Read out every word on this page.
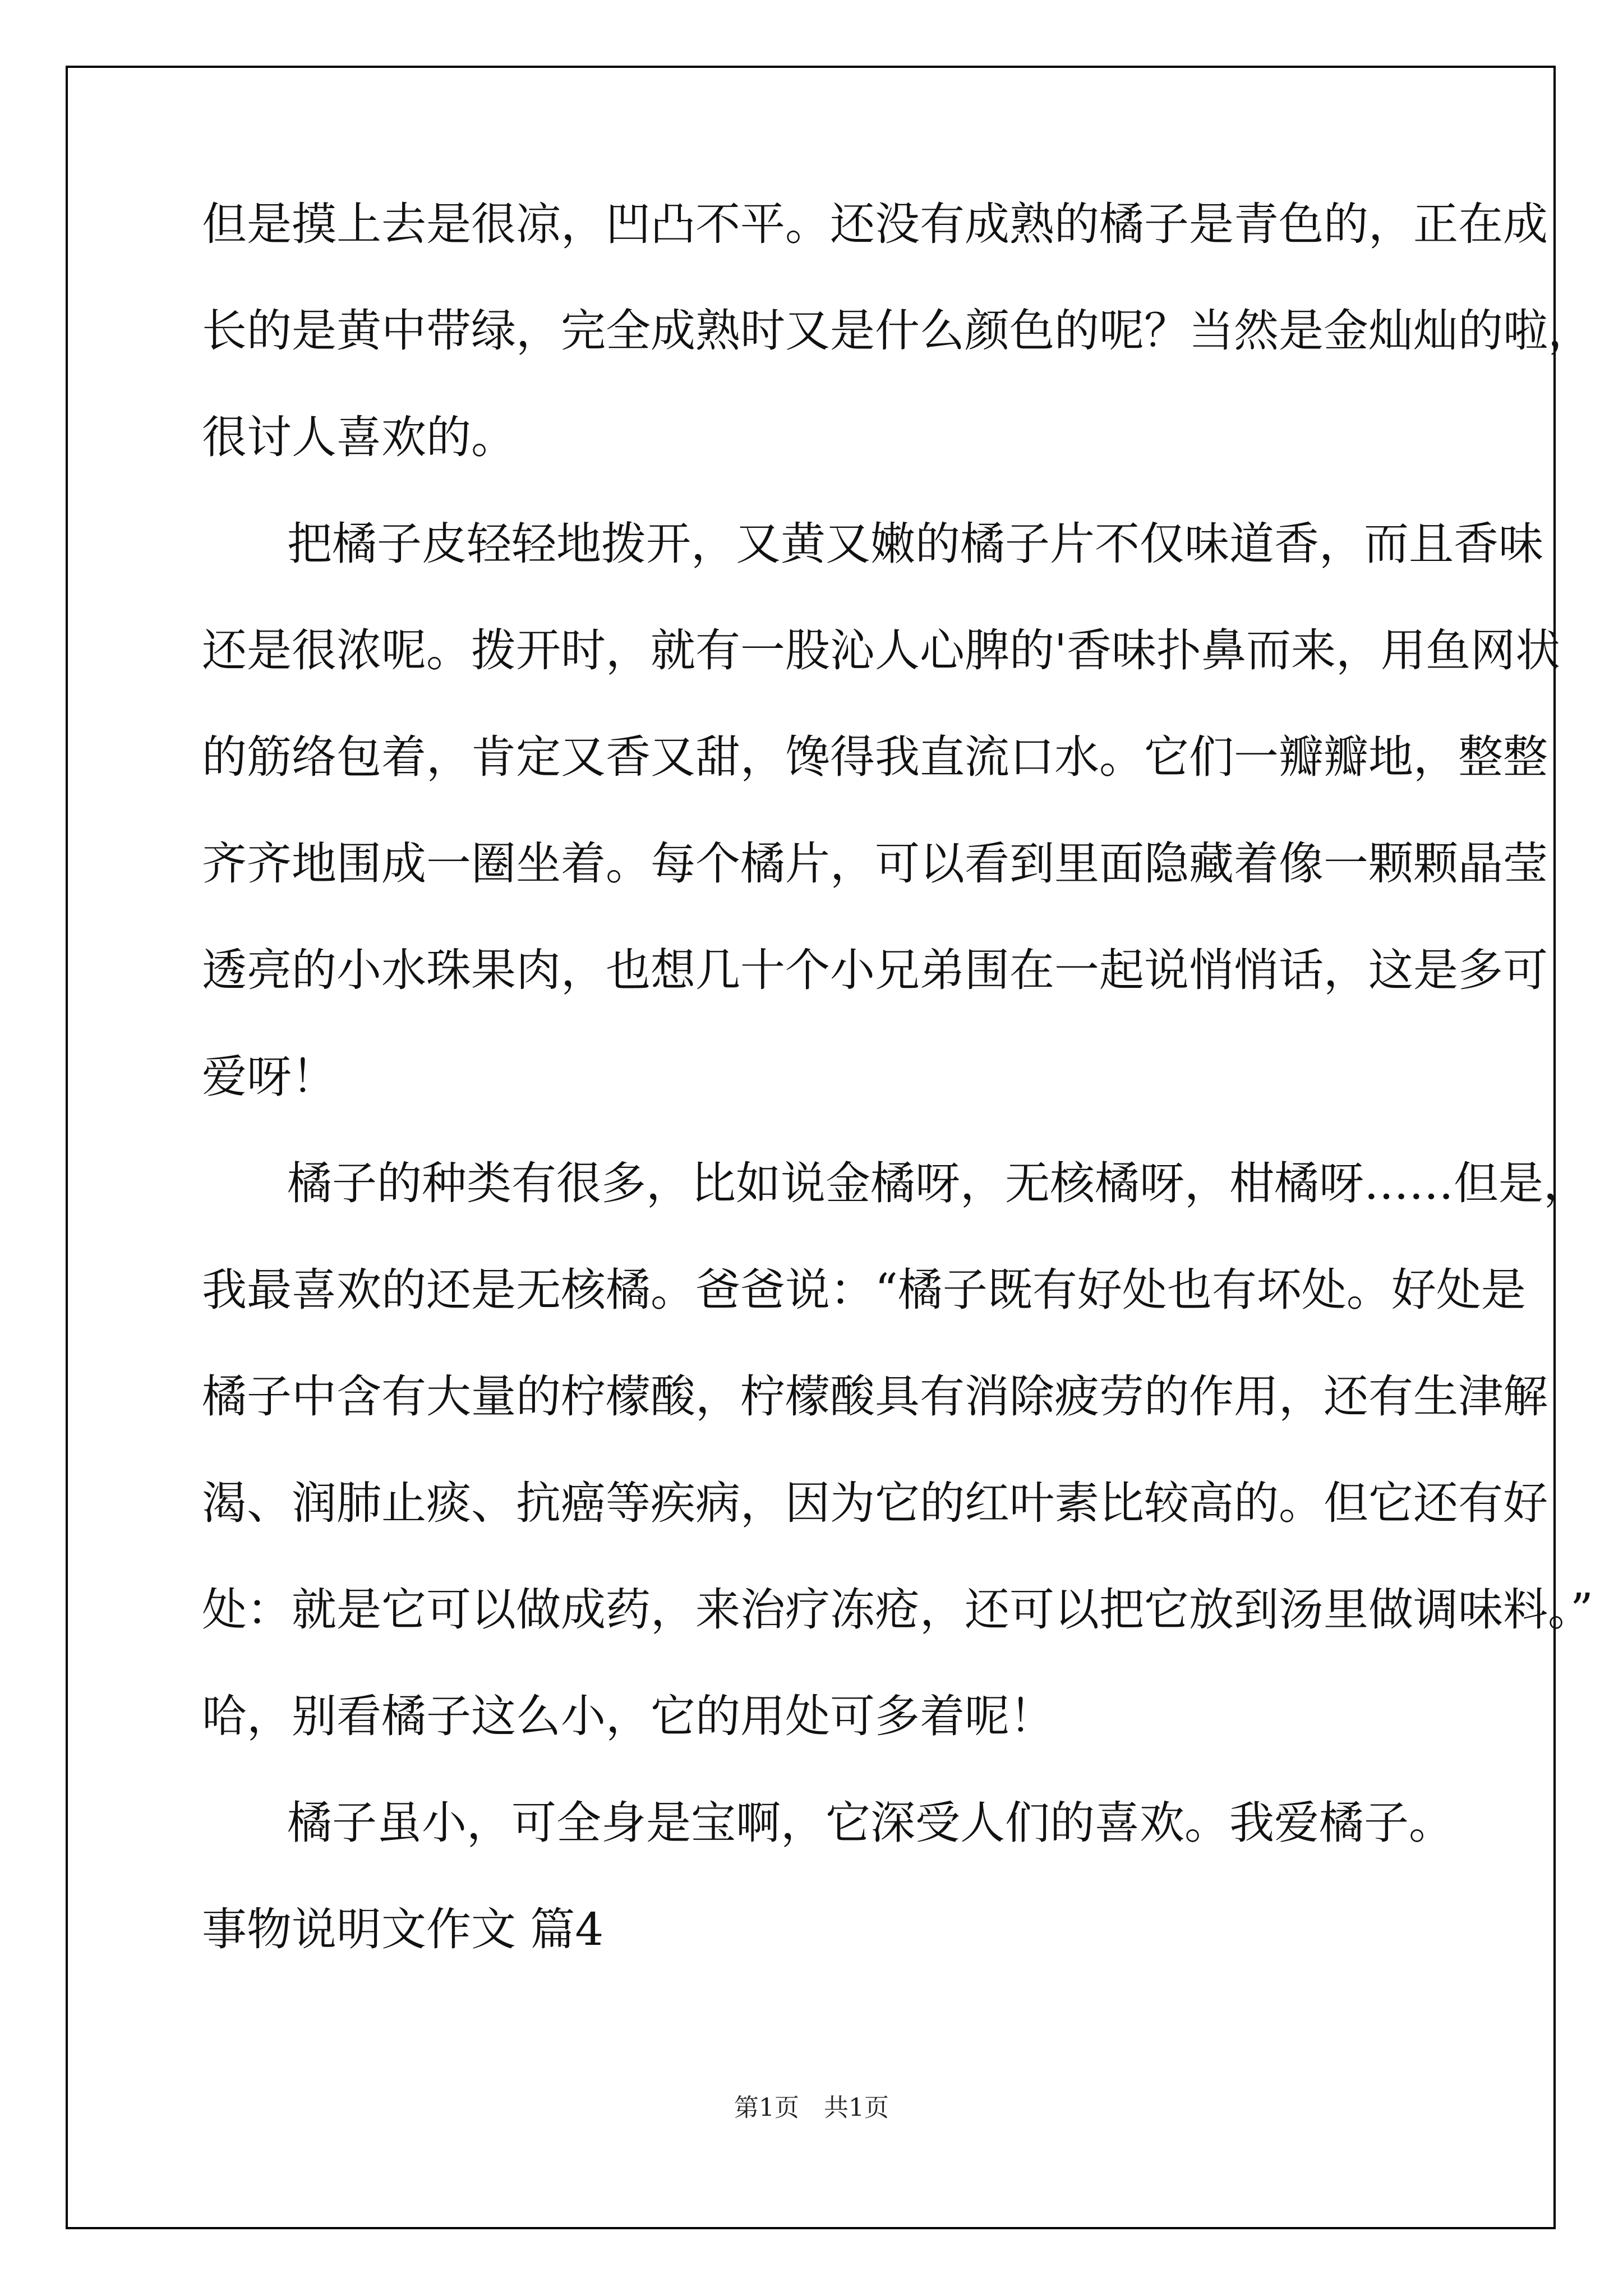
但是摸上去是很凉，凹凸不平。还没有成熟的橘子是青色的，正在成
长的是黄中带绿，完全成熟时又是什么颜色的呢？当然是金灿灿的啦，
很讨人喜欢的。
把橘子皮轻轻地拨开，又黄又嫩的橘子片不仅味道香，而且香味
还是很浓呢。拨开时，就有一股沁人心脾的'香味扑鼻而来，用鱼网状
的筋络包着，肯定又香又甜，馋得我直流口水。它们一瓣瓣地，整整
齐齐地围成一圈坐着。每个橘片，可以看到里面隐藏着像一颗颗晶莹
透亮的小水珠果肉，也想几十个小兄弟围在一起说悄悄话，这是多可
爱呀！
橘子的种类有很多，比如说金橘呀，无核橘呀，柑橘呀……但是，
我最喜欢的还是无核橘。爸爸说：“橘子既有好处也有坏处。好处是
橘子中含有大量的柠檬酸，柠檬酸具有消除疲劳的作用，还有生津解
渴、润肺止痰、抗癌等疾病，因为它的红叶素比较高的。但它还有好
处：就是它可以做成药，来治疗冻疮，还可以把它放到汤里做调味料。”
哈，别看橘子这么小，它的用处可多着呢！
橘子虽小，可全身是宝啊，它深受人们的喜欢。我爱橘子。
事物说明文作文 篇4
第1页　共1页
